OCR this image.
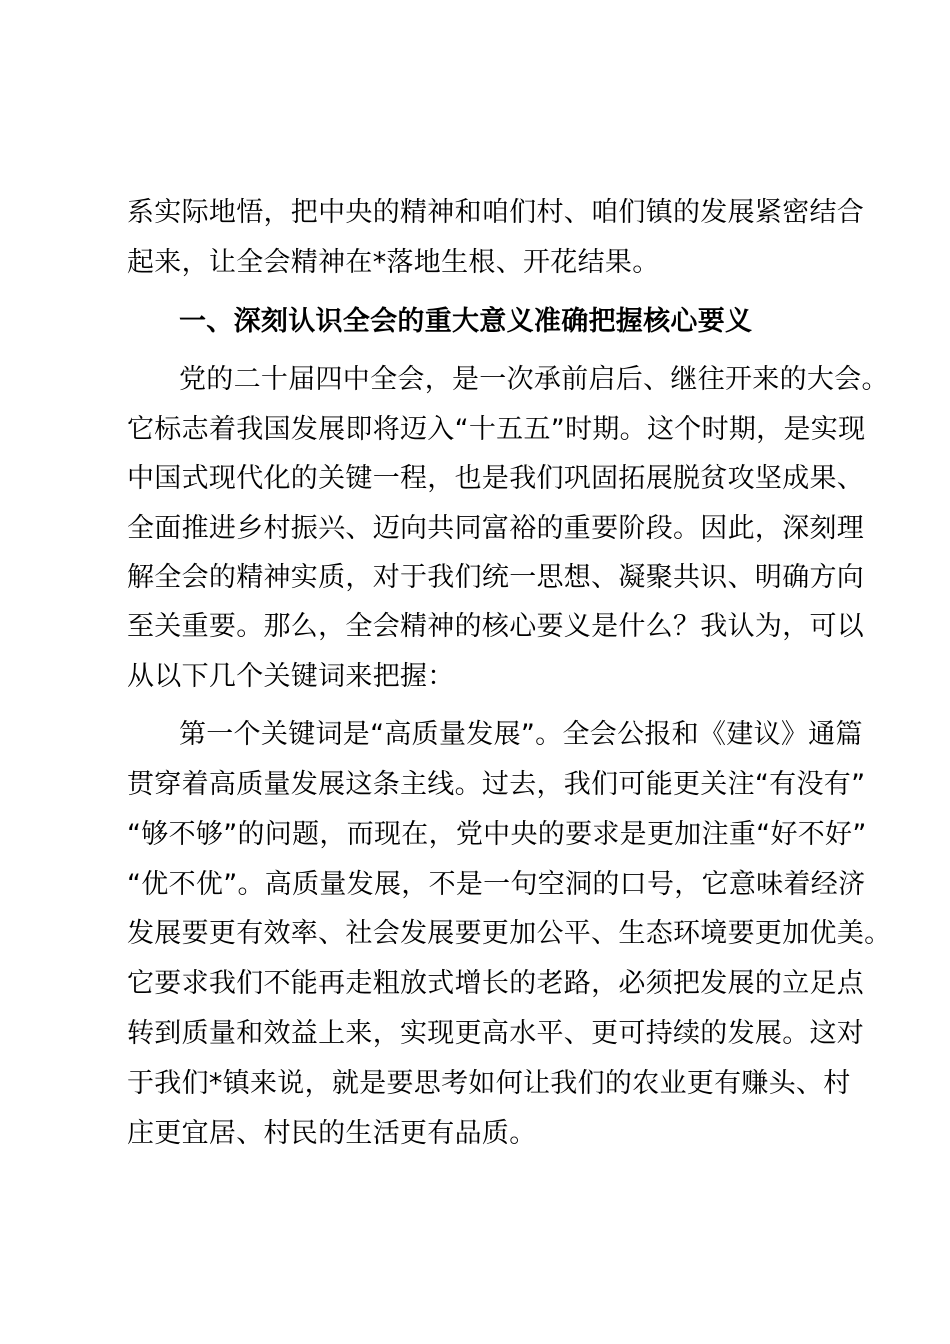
系实际地悟，把中央的精神和咱们村、咱们镇的发展紧密结合
起来，让全会精神在*落地生根、开花结果。
一、深刻认识全会的重大意义准确把握核心要义
党的二十届四中全会，是一次承前启后、继往开来的大会。
它标志着我国发展即将迈入“十五五”时期。这个时期，是实现
中国式现代化的关键一程，也是我们巩固拓展脱贫攻坚成果、
全面推进乡村振兴、迈向共同富裕的重要阶段。因此，深刻理
解全会的精神实质，对于我们统一思想、凝聚共识、明确方向
至关重要。那么，全会精神的核心要义是什么？我认为，可以
从以下几个关键词来把握：
第一个关键词是“高质量发展”。全会公报和《建议》通篇
贯穿着高质量发展这条主线。过去，我们可能更关注“有没有”
“够不够”的问题，而现在，党中央的要求是更加注重“好不好”
“优不优”。高质量发展，不是一句空洞的口号，它意味着经济
发展要更有效率、社会发展要更加公平、生态环境要更加优美。
它要求我们不能再走粗放式增长的老路，必须把发展的立足点
转到质量和效益上来，实现更高水平、更可持续的发展。这对
于我们*镇来说，就是要思考如何让我们的农业更有赚头、村
庄更宜居、村民的生活更有品质。
